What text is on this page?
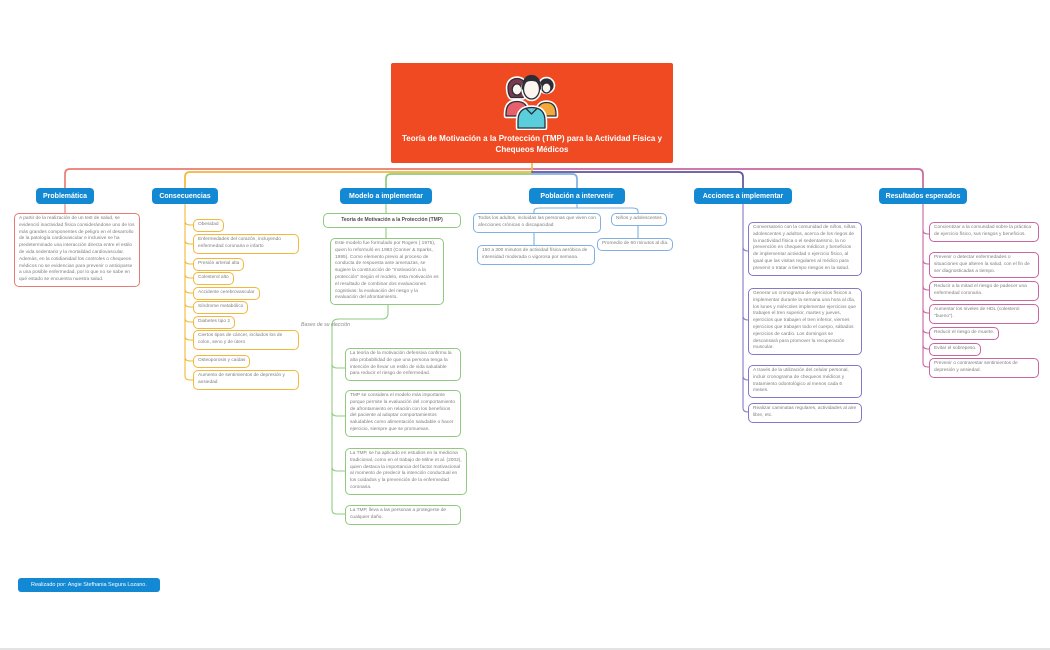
Teoría de Motivación a la Protección (TMP) para la Actividad Física y Chequeos Médicos
Problemática	Consecuencias	Modelo a implementar	Población a intervenir	Acciones a implementar	Resultados esperados
A partir de la realización de un test de salud, se evidenció inactividad física considerándose uno de los más grandes componentes de peligro en el desarrollo de la patología cardiovascular e inclusive se ha predeterminado una interacción directa entre el estilo de vida sedentario y la mortalidad cardiovascular. Además, en la cotidianidad los controles o chequeos médicos no se evidencian para prevenir o anticiparse a una posible enfermedad, por lo que no se sabe en qué estado se encuentra nuestra salud.
Obesidad
Enfermedades del corazón, incluyendo enfermedad coronaria e infarto
Presión arterial alta
Colesterol alto
Accidente cerebrovascular
Síndrome metabólico
Diabetes tipo 2
Ciertos tipos de cáncer, incluidos los de colon, seno y de útero
Osteoporosis y caídas
Aumento de sentimientos de depresión y ansiedad
Teoría de Motivación a la Protección (TMP)
Este modelo fue formulado por Rogers ( 1975), quien lo reformuló en 1983 (Conner & Sparks, 1995). Como elemento previo al proceso de conducta de respuesta ante amenazas, se sugiere la construcción de "motivación a la protección" Según el modelo, esta motivación es el resultado de combinar dos evaluaciones cognitivas: la evaluación del riesgo y la evaluación del afrontamiento.
Bases de su elección
La teoría de la motivación defensiva confirma la alta probabilidad de que una persona tenga la intención de llevar un estilo de vida saludable para reducir el riesgo de enfermedad.
TMP se considera el modelo más importante porque permite la evaluación del comportamiento de afrontamiento en relación con los beneficios del paciente al adoptar comportamientos saludables como alimentación saludable o hacer ejercicio, siempre que se promuevan.
La TMP, se ha aplicado en estudios en la medicina tradicional, como en el trabajo de Milne et al. (2002), quien destaca la importancia del factor motivacional al momento de predecir la intención conductual en los cuidados y la prevención de la enfermedad coronaria.
La TMP, lleva a las personas a protegerse de cualquier daño.
Todos los adultos, incluidas las personas que viven con afecciones crónicas o discapacidad
Niños y adolescentes
150 a 300 minutos de actividad física aeróbica de intensidad moderada o vigorosa por semana.
Promedio de 60 minutos al día.
Conversatorio con la comunidad de niños, niñas, adolescentes y adultos, acerca de los riegos de la inactividad física o el sedentarismo, la no prevención en chequeos médicos y beneficios de implementar actividad o ejercicio físico, al igual que las visitas regulares al médico para prevenir o tratar a tiempo riesgos en la salud.
Generar un cronograma de ejercicios físicos a implementar durante la semana una hora al día, los lunes y miércoles implementar ejercicios que trabajen el tren superior, martes y jueves, ejercicios que trabajen el tren inferior, viernes ejercicios que trabajen todo el cuerpo, sábados ejercicios de cardio. Los domingos se descansará para promover la recuperación muscular.
A través de la utilización del celular personal, incluir cronograma de chequeos médicos y tratamiento odontológico al menos cada 6 meses.
Realizar caminatas regulares, actividades al aire libre, etc.
Concientizar a la comunidad sobre la práctica de ejercicio físico, sus riesgos y beneficios.
Prevenir o detectar enfermedades o situaciones que alteren la salud, con el fin de ser diagnosticadas a tiempo.
Reducir a la mitad el riesgo de padecer una enfermedad coronaria.
Aumentar los niveles de HDL (colesterol "bueno").
Reducir el riesgo de muerte.
Evitar el sobrepeso.
Prevenir o contrarestar sentimientos de depresión y ansiedad.
Realizado por: Angie Stefhania Segura Lozano.
